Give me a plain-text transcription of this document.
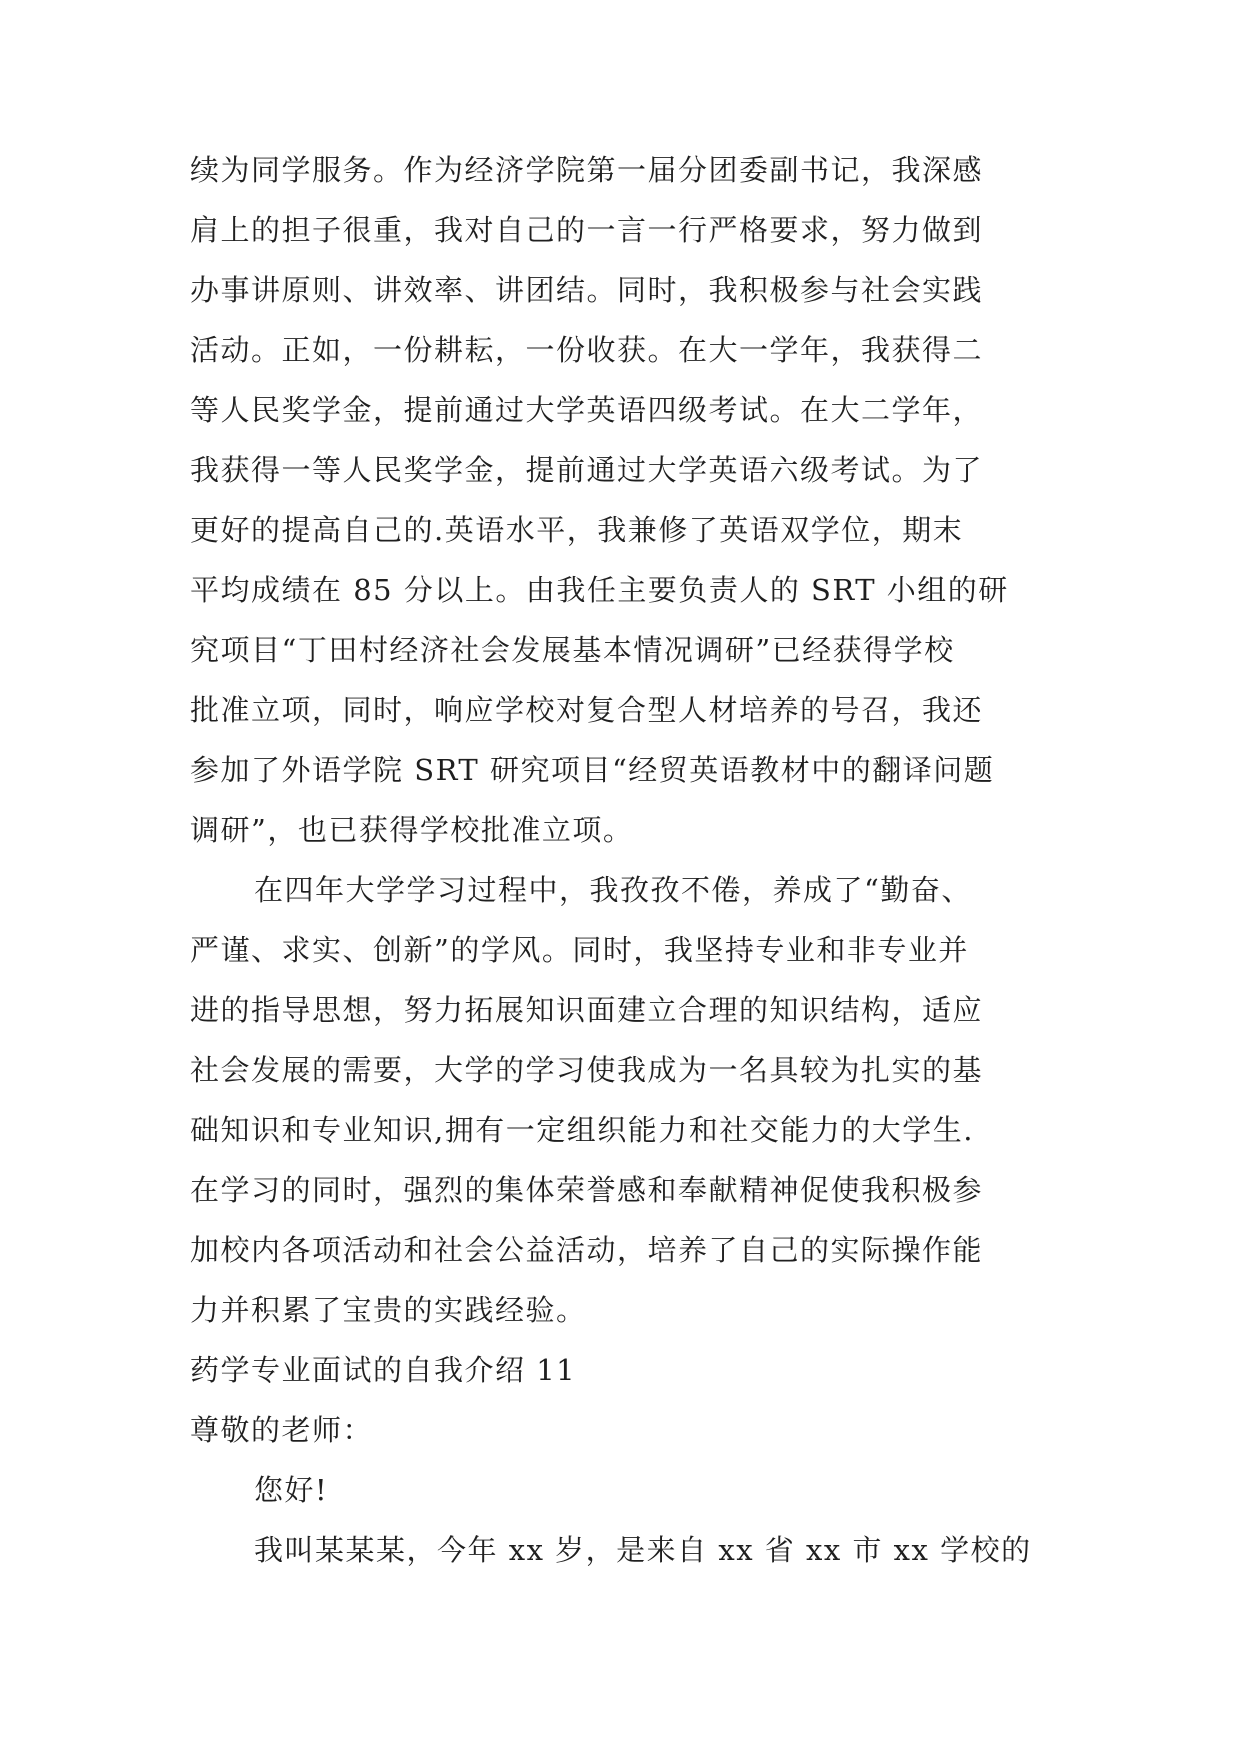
续为同学服务。作为经济学院第一届分团委副书记，我深感
肩上的担子很重，我对自己的一言一行严格要求，努力做到
办事讲原则、讲效率、讲团结。同时，我积极参与社会实践
活动。正如，一份耕耘，一份收获。在大一学年，我获得二
等人民奖学金，提前通过大学英语四级考试。在大二学年，
我获得一等人民奖学金，提前通过大学英语六级考试。为了
更好的提高自己的.英语水平，我兼修了英语双学位，期末
平均成绩在 85 分以上。由我任主要负责人的 SRT 小组的研
究项目“丁田村经济社会发展基本情况调研”已经获得学校
批准立项，同时，响应学校对复合型人材培养的号召，我还
参加了外语学院 SRT 研究项目“经贸英语教材中的翻译问题
调研”，也已获得学校批准立项。
在四年大学学习过程中，我孜孜不倦，养成了“勤奋、
严谨、求实、创新”的学风。同时，我坚持专业和非专业并
进的指导思想，努力拓展知识面建立合理的知识结构，适应
社会发展的需要，大学的学习使我成为一名具较为扎实的基
础知识和专业知识,拥有一定组织能力和社交能力的大学生.
在学习的同时，强烈的集体荣誉感和奉献精神促使我积极参
加校内各项活动和社会公益活动，培养了自己的实际操作能
力并积累了宝贵的实践经验。
药学专业面试的自我介绍 11
尊敬的老师：
您好!
我叫某某某，今年 xx 岁，是来自 xx 省 xx 市 xx 学校的
